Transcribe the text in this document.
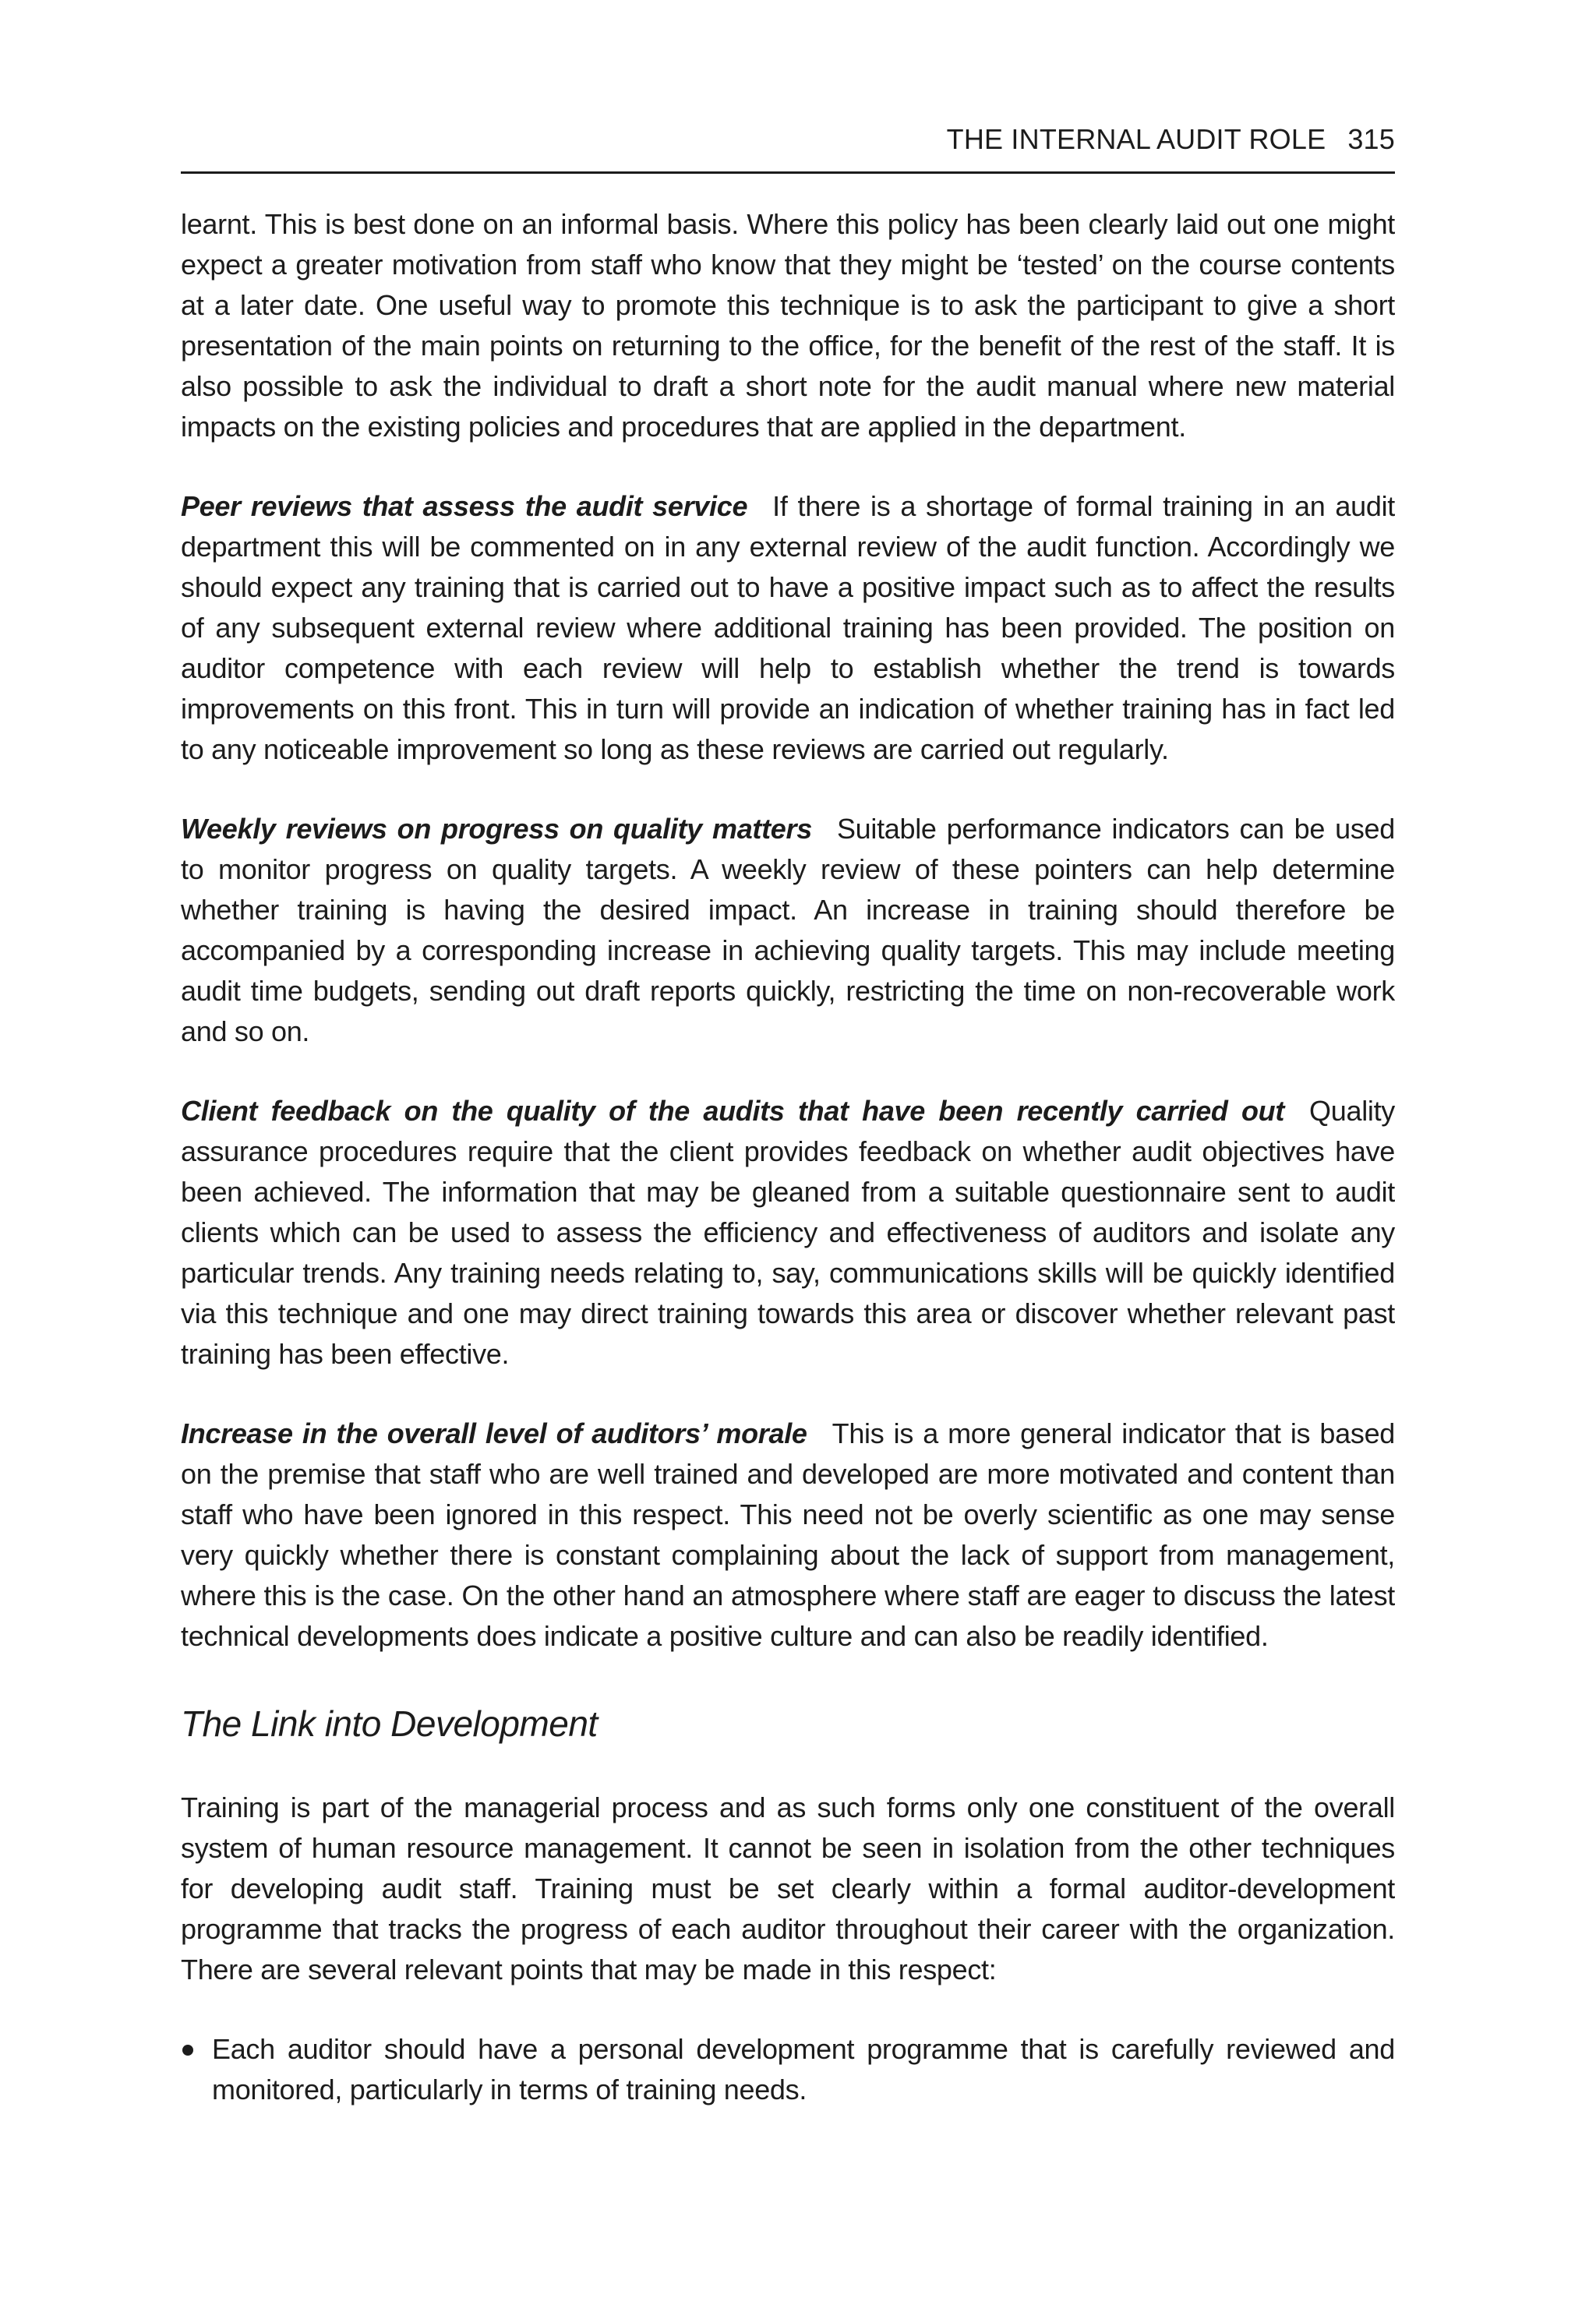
THE INTERNAL AUDIT ROLE 315

learnt. This is best done on an informal basis. Where this policy has been clearly laid out one might expect a greater motivation from staff who know that they might be ‘tested’ on the course contents at a later date. One useful way to promote this technique is to ask the participant to give a short presentation of the main points on returning to the office, for the benefit of the rest of the staff. It is also possible to ask the individual to draft a short note for the audit manual where new material impacts on the existing policies and procedures that are applied in the department.

Peer reviews that assess the audit service If there is a shortage of formal training in an audit department this will be commented on in any external review of the audit function. Accordingly we should expect any training that is carried out to have a positive impact such as to affect the results of any subsequent external review where additional training has been provided. The position on auditor competence with each review will help to establish whether the trend is towards improvements on this front. This in turn will provide an indication of whether training has in fact led to any noticeable improvement so long as these reviews are carried out regularly.

Weekly reviews on progress on quality matters Suitable performance indicators can be used to monitor progress on quality targets. A weekly review of these pointers can help determine whether training is having the desired impact. An increase in training should therefore be accompanied by a corresponding increase in achieving quality targets. This may include meeting audit time budgets, sending out draft reports quickly, restricting the time on non-recoverable work and so on.

Client feedback on the quality of the audits that have been recently carried out Quality assurance procedures require that the client provides feedback on whether audit objectives have been achieved. The information that may be gleaned from a suitable questionnaire sent to audit clients which can be used to assess the efficiency and effectiveness of auditors and isolate any particular trends. Any training needs relating to, say, communications skills will be quickly identified via this technique and one may direct training towards this area or discover whether relevant past training has been effective.

Increase in the overall level of auditors’ morale This is a more general indicator that is based on the premise that staff who are well trained and developed are more motivated and content than staff who have been ignored in this respect. This need not be overly scientific as one may sense very quickly whether there is constant complaining about the lack of support from management, where this is the case. On the other hand an atmosphere where staff are eager to discuss the latest technical developments does indicate a positive culture and can also be readily identified.

The Link into Development

Training is part of the managerial process and as such forms only one constituent of the overall system of human resource management. It cannot be seen in isolation from the other techniques for developing audit staff. Training must be set clearly within a formal auditor-development programme that tracks the progress of each auditor throughout their career with the organization. There are several relevant points that may be made in this respect:

Each auditor should have a personal development programme that is carefully reviewed and monitored, particularly in terms of training needs.
